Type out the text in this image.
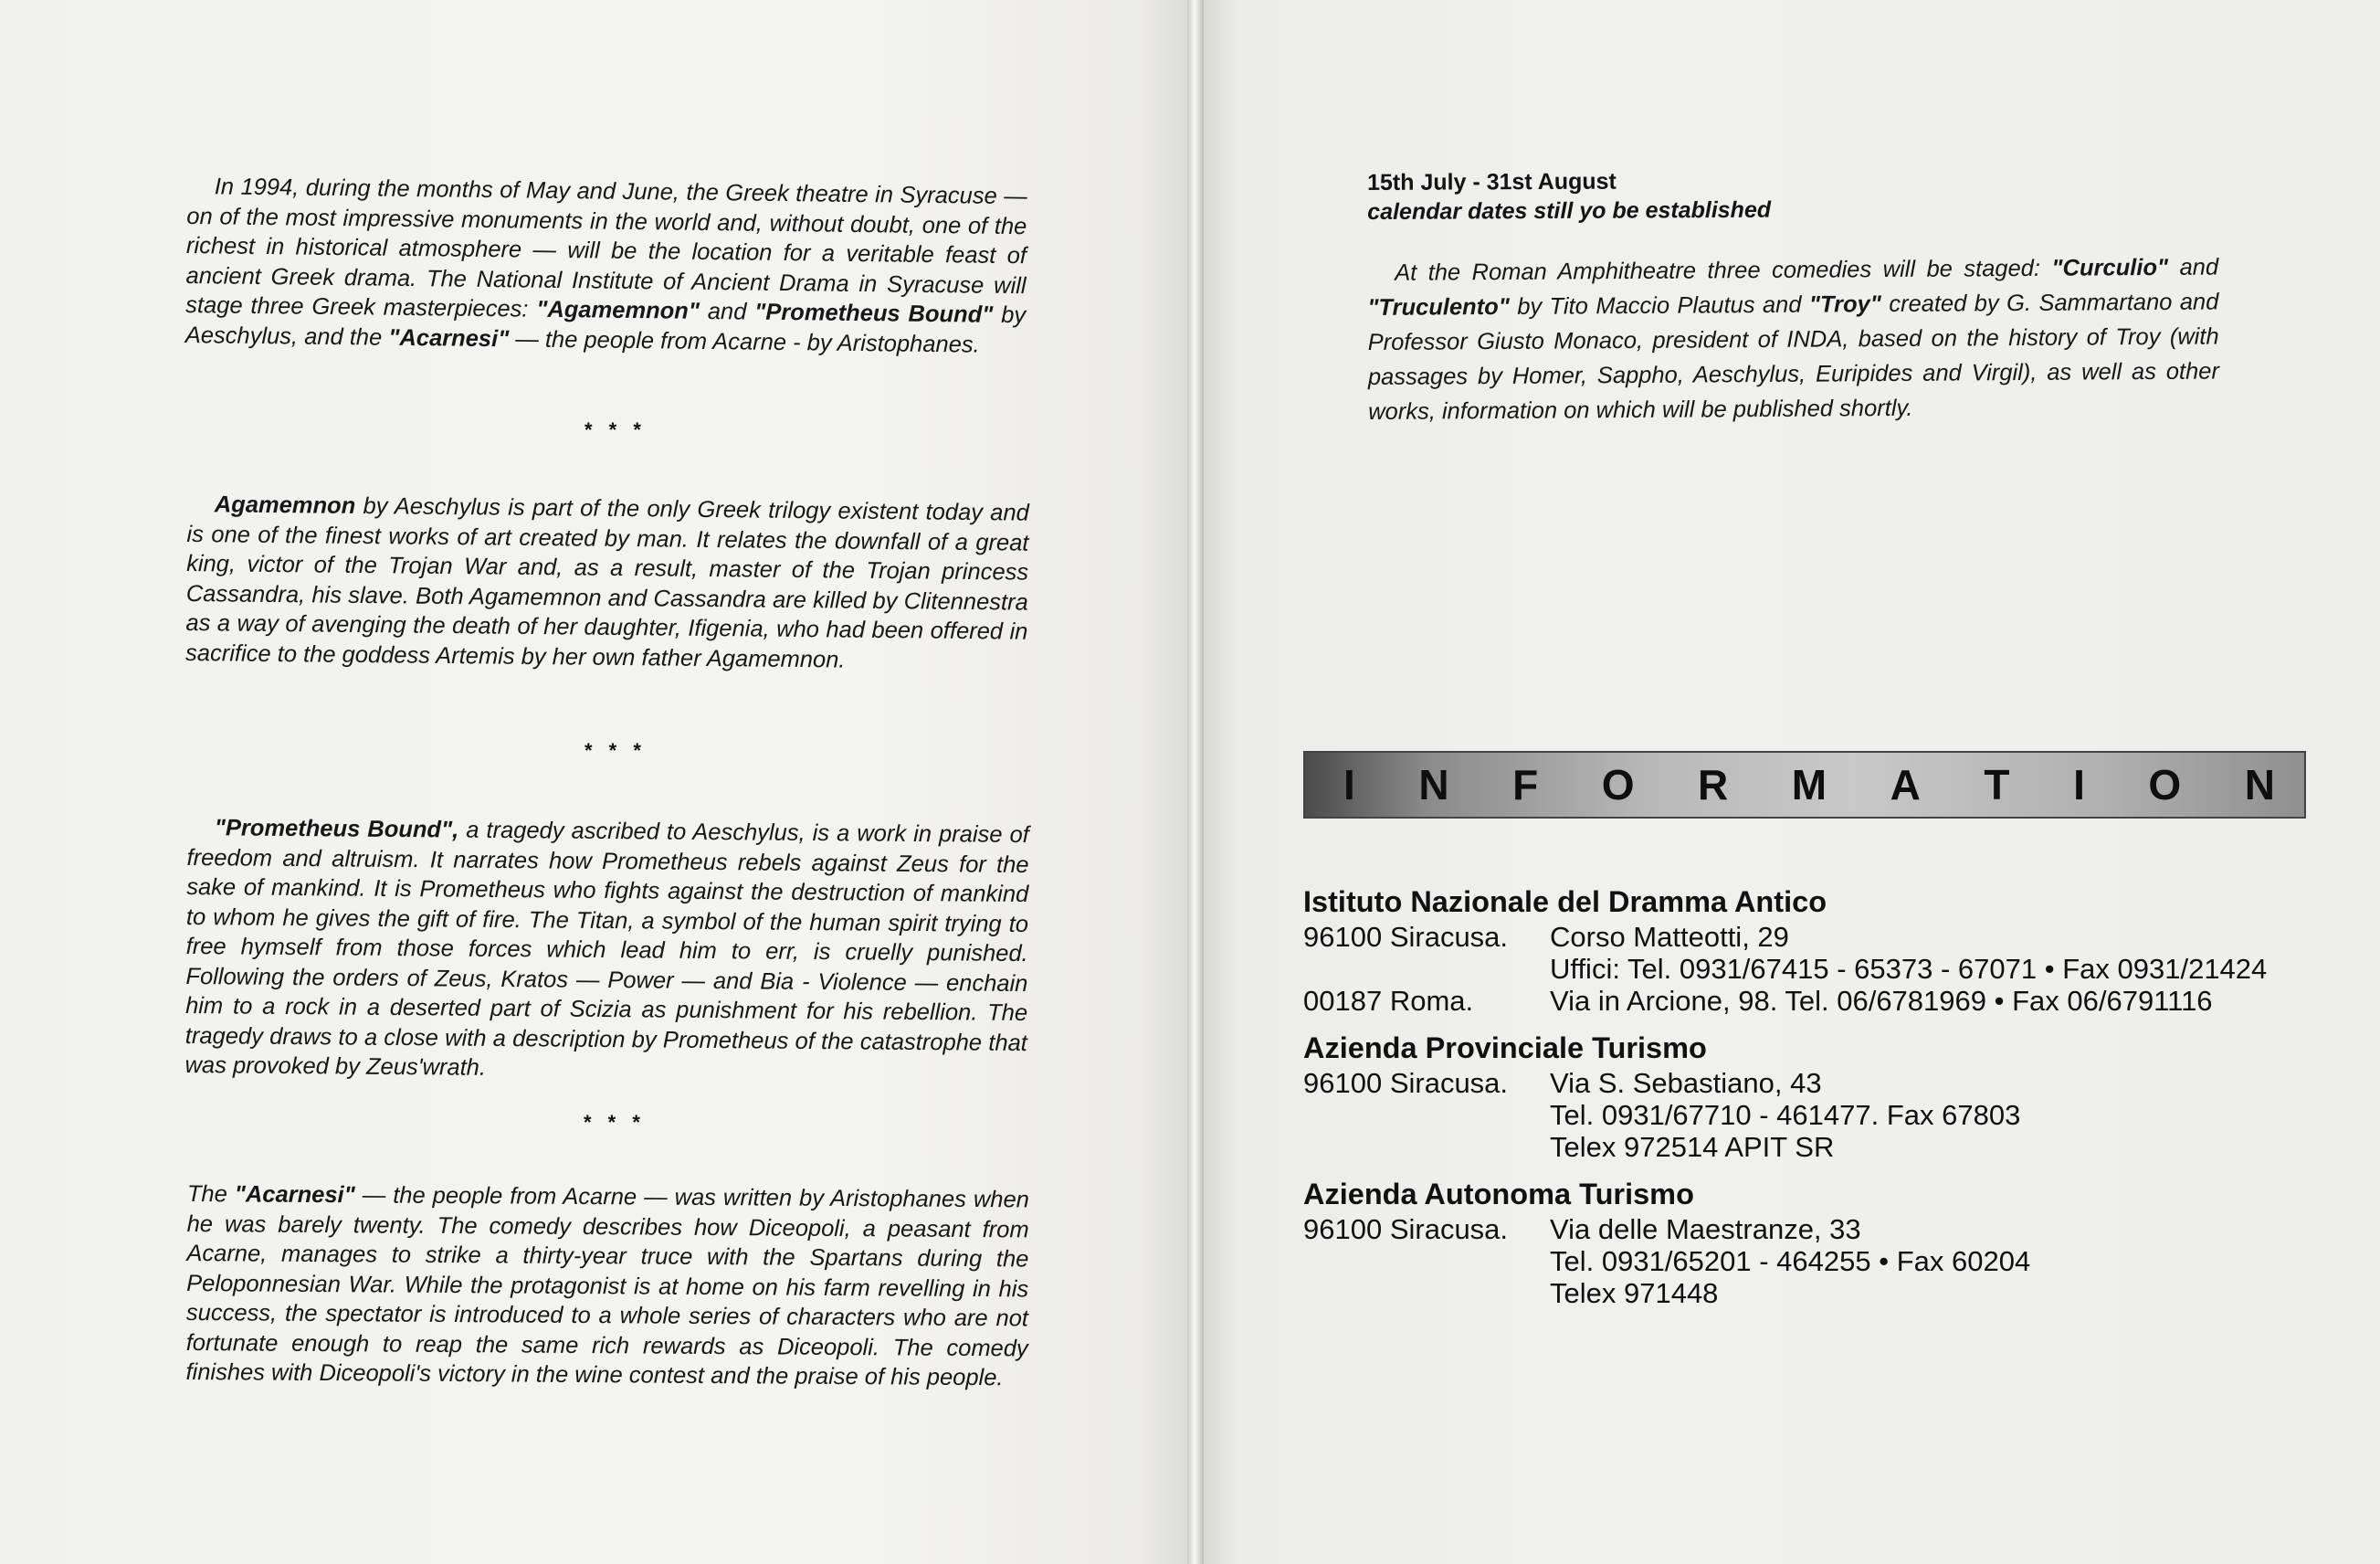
In 1994, during the months of May and June, the Greek theatre in Syracuse — on of the most impressive monuments in the world and, without doubt, one of the richest in historical atmosphere — will be the location for a veritable feast of ancient Greek drama. The National Institute of Ancient Drama in Syracuse will stage three Greek masterpieces: "Agamemnon" and "Prometheus Bound" by Aeschylus, and the "Acarnesi" — the people from Acarne - by Aristophanes.
* * *
Agamemnon by Aeschylus is part of the only Greek trilogy existent today and is one of the finest works of art created by man. It relates the downfall of a great king, victor of the Trojan War and, as a result, master of the Trojan princess Cassandra, his slave. Both Agamemnon and Cassandra are killed by Clitennestra as a way of avenging the death of her daughter, Ifigenia, who had been offered in sacrifice to the goddess Artemis by her own father Agamemnon.
* * *
"Prometheus Bound", a tragedy ascribed to Aeschylus, is a work in praise of freedom and altruism. It narrates how Prometheus rebels against Zeus for the sake of mankind. It is Prometheus who fights against the destruction of mankind to whom he gives the gift of fire. The Titan, a symbol of the human spirit trying to free hymself from those forces which lead him to err, is cruelly punished. Following the orders of Zeus, Kratos — Power — and Bia - Violence — enchain him to a rock in a deserted part of Scizia as punishment for his rebellion. The tragedy draws to a close with a description by Prometheus of the catastrophe that was provoked by Zeus'wrath.
* * *
The "Acarnesi" — the people from Acarne — was written by Aristophanes when he was barely twenty. The comedy describes how Diceopoli, a peasant from Acarne, manages to strike a thirty-year truce with the Spartans during the Peloponnesian War. While the protagonist is at home on his farm revelling in his success, the spectator is introduced to a whole series of characters who are not fortunate enough to reap the same rich rewards as Diceopoli. The comedy finishes with Diceopoli's victory in the wine contest and the praise of his people.
15th July - 31st August
calendar dates still yo be established
At the Roman Amphitheatre three comedies will be staged: "Curculio" and "Truculento" by Tito Maccio Plautus and "Troy" created by G. Sammartano and Professor Giusto Monaco, president of INDA, based on the history of Troy (with passages by Homer, Sappho, Aeschylus, Euripides and Virgil), as well as other works, information on which will be published shortly.
I N F O R M A T I O N
Istituto Nazionale del Dramma Antico
96100 Siracusa.	Corso Matteotti, 29
Uffici: Tel. 0931/67415 - 65373 - 67071 • Fax 0931/21424
00187 Roma.	Via in Arcione, 98. Tel. 06/6781969 • Fax 06/6791116
Azienda Provinciale Turismo
96100 Siracusa.	Via S. Sebastiano, 43
Tel. 0931/67710 - 461477. Fax 67803
Telex 972514 APIT SR
Azienda Autonoma Turismo
96100 Siracusa.	Via delle Maestranze, 33
Tel. 0931/65201 - 464255 • Fax 60204
Telex 971448
